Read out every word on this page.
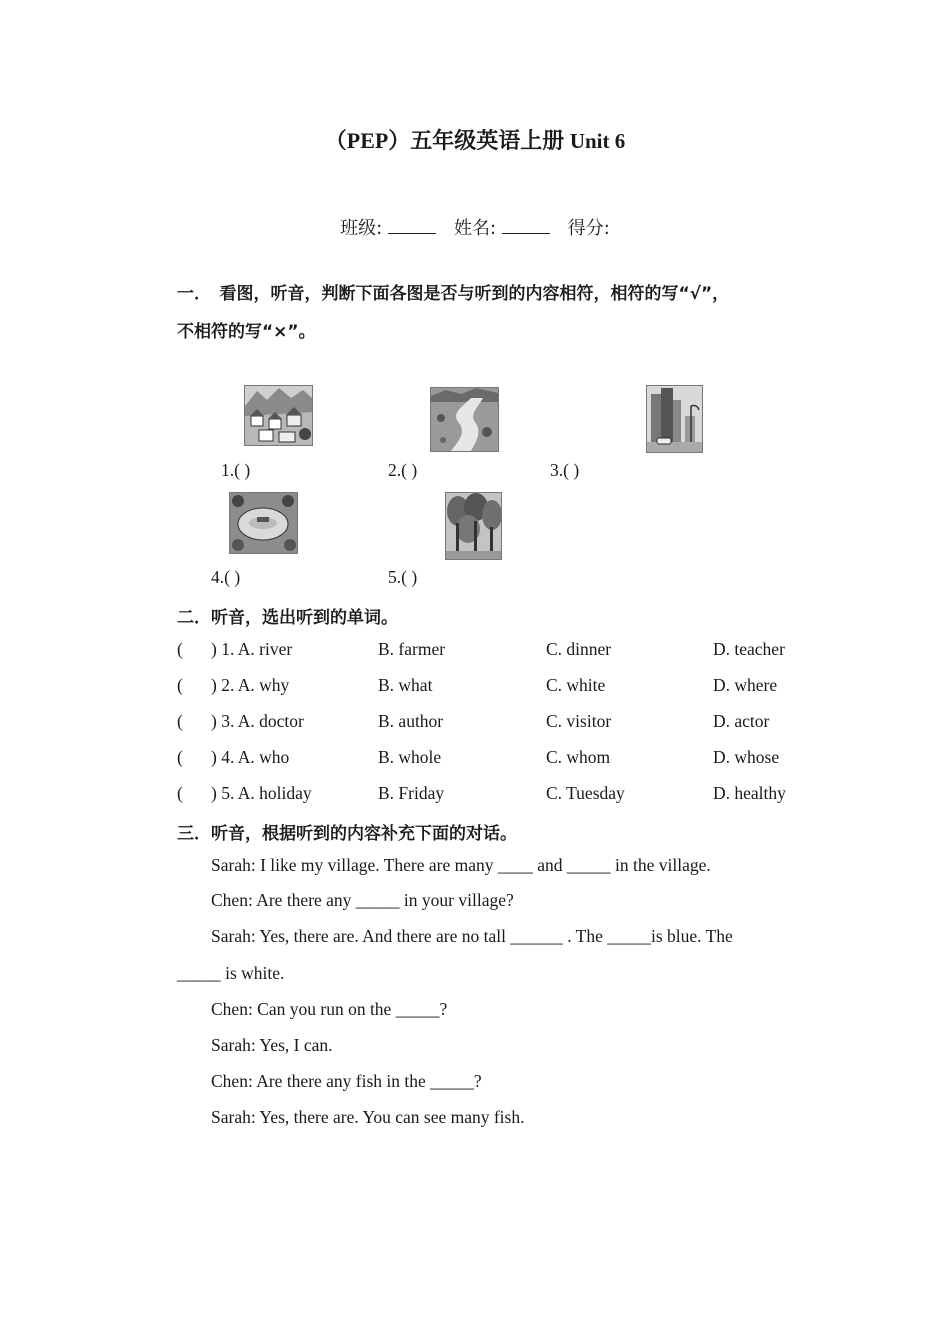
（PEP）五年级英语上册 Unit 6
班级:	姓名:	得分:
一．　看图，听音，判断下面各图是否与听到的内容相符，相符的写“√”，
不相符的写“×”。
1.( )	2.( )	3.( )
4.( )	5.( )
二．听音，选出听到的单词。
( ) 1. A. river	B. farmer	C. dinner	D. teacher
( ) 2. A. why	B. what	C. white	D. where
( ) 3. A. doctor	B. author	C. visitor	D. actor
( ) 4. A. who	B. whole	C. whom	D. whose
( ) 5. A. holiday	B. Friday	C. Tuesday	D. healthy
三．听音，根据听到的内容补充下面的对话。
Sarah: I like my village. There are many ____ and _____ in the village.
Chen: Are there any _____ in your village?
Sarah: Yes, there are. And there are no tall ______ . The _____is blue. The
_____ is white.
Chen: Can you run on the _____?
Sarah: Yes, I can.
Chen: Are there any fish in the _____?
Sarah: Yes, there are. You can see many fish.
